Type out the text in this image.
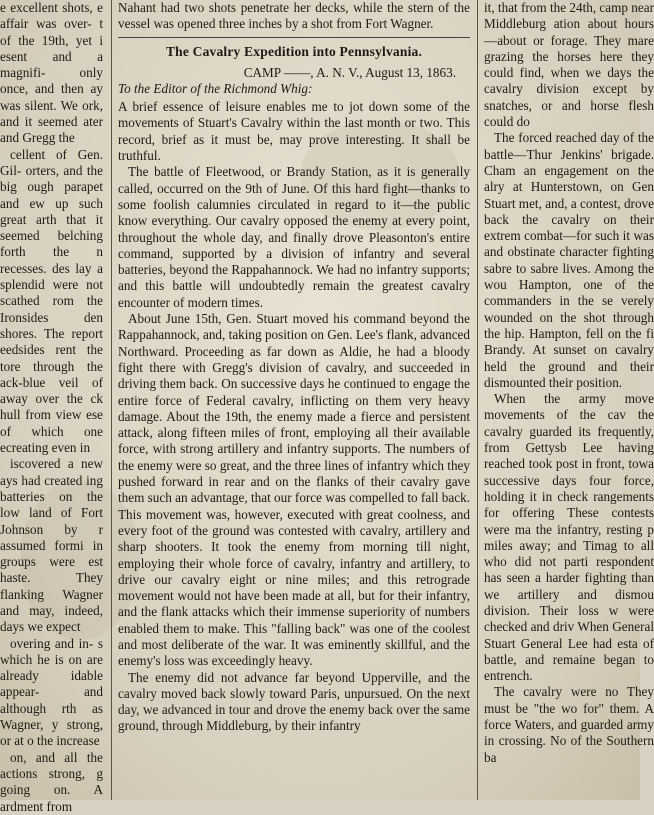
e excellent shots, e affair was over- t of the 19th, yet i esent and a magnifi- only once, and then ay was silent. We ork, and it seemed ater and Gregg the

cellent of Gen. Gil- orters, and the big ough parapet and ew up such great arth that it seemed belching forth the n recesses. des lay a splendid were not scathed rom the Ironsides den shores. The report eedsides rent the tore through the ack-blue veil of away over the ck hull from view ese of which one ecreating even in

iscovered a new ays had created ing batteries on the low land of Fort Johnson by r assumed formi in groups were est haste. They flanking Wagner and may, indeed, days we expect

overing and in- s which he is on are already idable appear- and although rth as Wagner, y strong, or at o the increase

on, and all the actions strong, g going on. A ardment from

Nahant had two shots penetrate her decks, while the stern of the vessel was opened three inches by a shot from Fort Wagner.

The Cavalry Expedition into Pennsylvania.
CAMP ——, A. N. V., August 13, 1863.
To the Editor of the Richmond Whig:

A brief essence of leisure enables me to jot down some of the movements of Stuart's Cavalry within the last month or two. This record, brief as it must be, may prove interesting. It shall be truthful.

The battle of Fleetwood, or Brandy Station, as it is generally called, occurred on the 9th of June. Of this hard fight—thanks to some foolish calumnies circulated in regard to it—the public know everything. Our cavalry opposed the enemy at every point, throughout the whole day, and finally drove Pleasonton's entire command, supported by a division of infantry and several batteries, beyond the Rappahannock. We had no infantry supports; and this battle will undoubtedly remain the greatest cavalry encounter of modern times.

About June 15th, Gen. Stuart moved his command beyond the Rappahannock, and, taking position on Gen. Lee's flank, advanced Northward. Proceeding as far down as Aldie, he had a bloody fight there with Gregg's division of cavalry, and succeeded in driving them back. On successive days he continued to engage the entire force of Federal cavalry, inflicting on them very heavy damage. About the 19th, the enemy made a fierce and persistent attack, along fifteen miles of front, employing all their available force, with strong artillery and infantry supports. The numbers of the enemy were so great, and the three lines of infantry which they pushed forward in rear and on the flanks of their cavalry gave them such an advantage, that our force was compelled to fall back. This movement was, however, executed with great coolness, and every foot of the ground was contested with cavalry, artillery and sharp shooters. It took the enemy from morning till night, employing their whole force of cavalry, infantry and artillery, to drive our cavalry eight or nine miles; and this retrograde movement would not have been made at all, but for their infantry, and the flank attacks which their immense superiority of numbers enabled them to make. This "falling back" was one of the coolest and most deliberate of the war. It was eminently skillful, and the enemy's loss was exceedingly heavy.

The enemy did not advance far beyond Upperville, and the cavalry moved back slowly toward Paris, unpursued. On the next day, we advanced in tour and drove the enemy back over the same ground, through Middleburg, by their infantry

it, that from the 24th, camp near Middleburg ation about hours—about or forage. They mare grazing the horses here they could find, when we days the cavalry division except by snatches, or and horse flesh could do

The forced reached day of the battle—Thur Jenkins' brigade. Cham an engagement on the alry at Hunterstown, on Gen Stuart met, and, a contest, drove back the cavalry on their extrem combat—for such it was and obstinate character fighting sabre to sabre lives. Among the wou Hampton, one of the commanders in the se verely wounded on the shot through the hip. Hampton, fell on the fi Brandy. At sunset on cavalry held the ground and their dismounted their position.

When the army move movements of the cav the cavalry guarded its frequently, from Gettysb Lee having reached took post in front, towa successive days four force, holding it in check rangements for offering These contests were ma the infantry, resting p miles away; and Timag to all who did not parti respondent has seen a harder fighting than we artillery and dismou division. Their loss w were checked and driv When General Stuart General Lee had esta of battle, and remaine began to entrench.

The cavalry were no They must be "the wo for" them. A force Waters, and guarded army in crossing. No of the Southern ba
